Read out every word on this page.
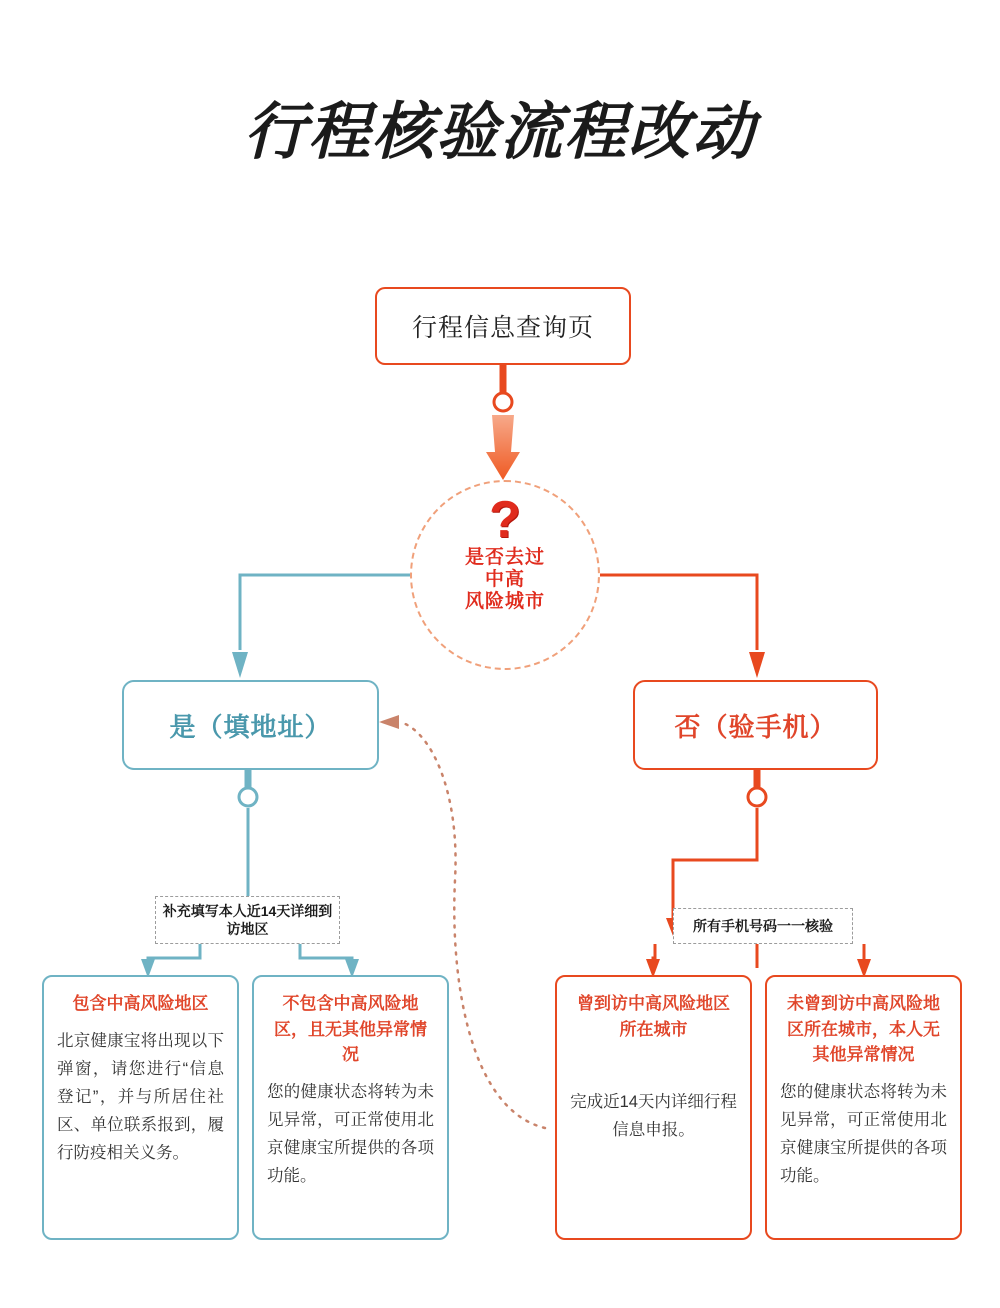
行程核验流程改动
行程信息查询页
?
是否去过
中高
风险城市
是（填地址）	否（验手机）
补充填写本人近14天详细到访地区	所有手机号码一一核验
包含中高风险地区
北京健康宝将出现以下弹窗，请您进行“信息登记”，并与所居住社区、单位联系报到，履行防疫相关义务。
不包含中高风险地区，且无其他异常情况
您的健康状态将转为未见异常，可正常使用北京健康宝所提供的各项功能。
曾到访中高风险地区所在城市
完成近14天内详细行程信息申报。
未曾到访中高风险地区所在城市，本人无其他异常情况
您的健康状态将转为未见异常，可正常使用北京健康宝所提供的各项功能。
